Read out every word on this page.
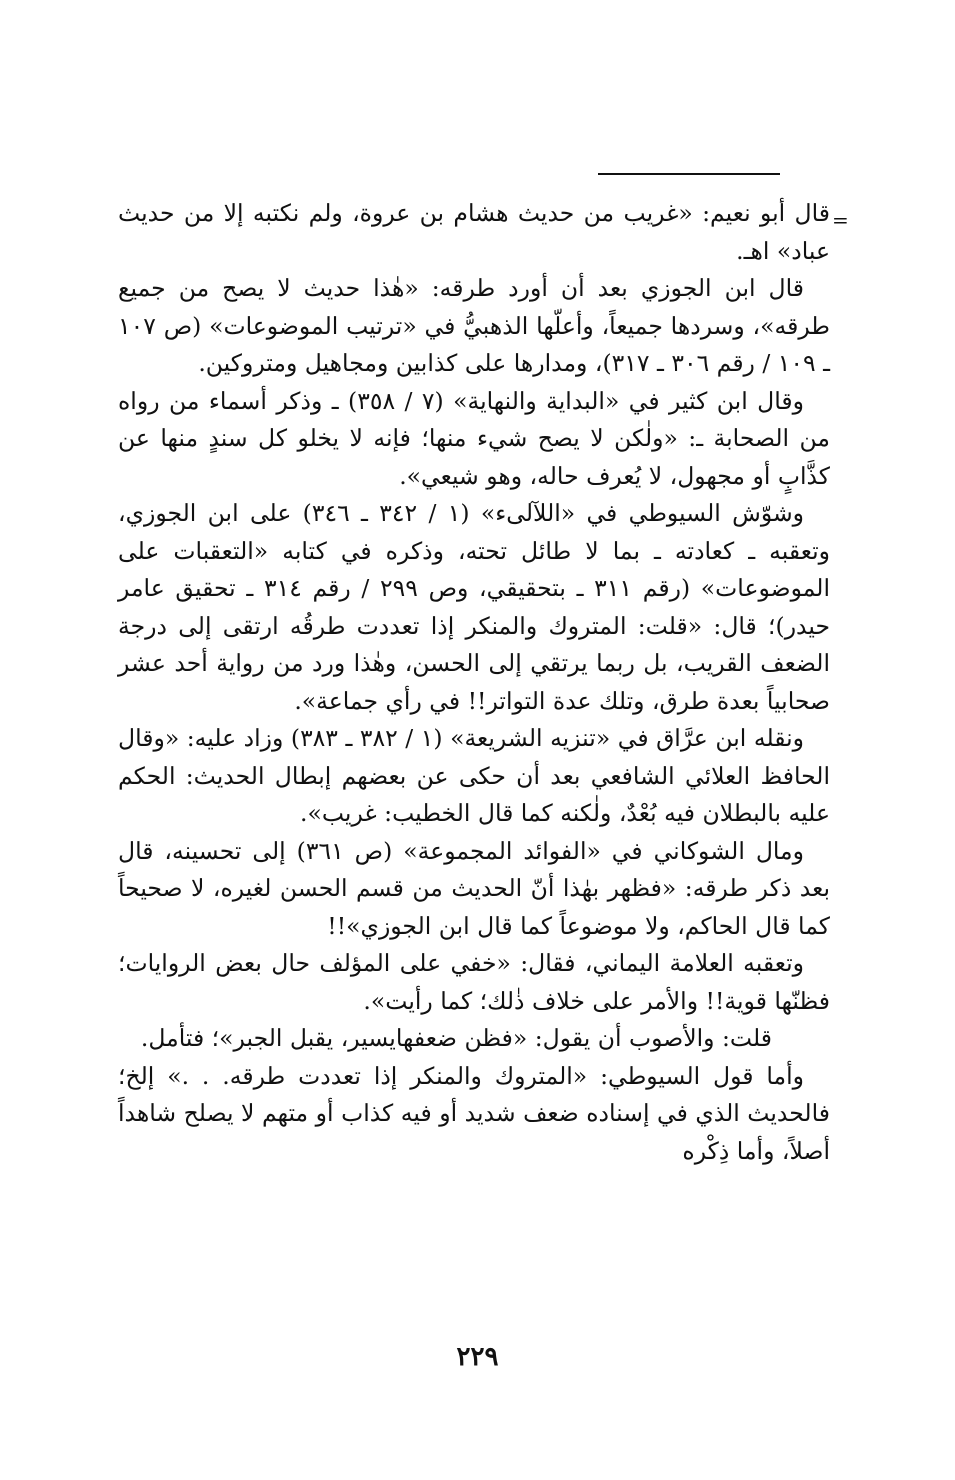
=

قال أبو نعيم: «غريب من حديث هشام بن عروة، ولم نكتبه إلا من حديث عباد» اهـ.

قال ابن الجوزي بعد أن أورد طرقه: «هٰذا حديث لا يصح من جميع طرقه»، وسردها جميعاً، وأعلّها الذهبيُّ في «ترتيب الموضوعات» (ص ١٠٧ ـ ١٠٩ / رقم ٣٠٦ ـ ٣١٧)، ومدارها على كذابين ومجاهيل ومتروكين.

وقال ابن كثير في «البداية والنهاية» (٧ / ٣٥٨) ـ وذكر أسماء من رواه من الصحابة ـ: «ولٰكن لا يصح شيء منها؛ فإنه لا يخلو كل سندٍ منها عن كذَّابٍ أو مجهول، لا يُعرف حاله، وهو شيعي».

وشوّش السيوطي في «اللآلىء» (١ / ٣٤٢ ـ ٣٤٦) على ابن الجوزي، وتعقبه ـ كعادته ـ بما لا طائل تحته، وذكره في كتابه «التعقبات على الموضوعات» (رقم ٣١١ ـ بتحقيقي، وص ٢٩٩ / رقم ٣١٤ ـ تحقيق عامر حيدر)؛ قال: «قلت: المتروك والمنكر إذا تعددت طرقُه ارتقى إلى درجة الضعف القريب، بل ربما يرتقي إلى الحسن، وهٰذا ورد من رواية أحد عشر صحابياً بعدة طرق، وتلك عدة التواتر!! في رأي جماعة».

ونقله ابن عرَّاق في «تنزيه الشريعة» (١ / ٣٨٢ ـ ٣٨٣) وزاد عليه: «وقال الحافظ العلائي الشافعي بعد أن حكى عن بعضهم إبطال الحديث: الحكم عليه بالبطلان فيه بُعْدٌ، ولٰكنه كما قال الخطيب: غريب».

ومال الشوكاني في «الفوائد المجموعة» (ص ٣٦١) إلى تحسينه، قال بعد ذكر طرقه: «فظهر بهٰذا أنّ الحديث من قسم الحسن لغيره، لا صحيحاً كما قال الحاكم، ولا موضوعاً كما قال ابن الجوزي»!!

وتعقبه العلامة اليماني، فقال: «خفي على المؤلف حال بعض الروايات؛ فظنّها قوية!! والأمر على خلاف ذٰلك؛ كما رأيت».

قلت: والأصوب أن يقول: «فظن ضعفهايسير، يقبل الجبر»؛ فتأمل.

وأما قول السيوطي: «المتروك والمنكر إذا تعددت طرقه. . .» إلخ؛ فالحديث الذي في إسناده ضعف شديد أو فيه كذاب أو متهم لا يصلح شاهداً أصلاً، وأما ذِكْره

٢٢٩
